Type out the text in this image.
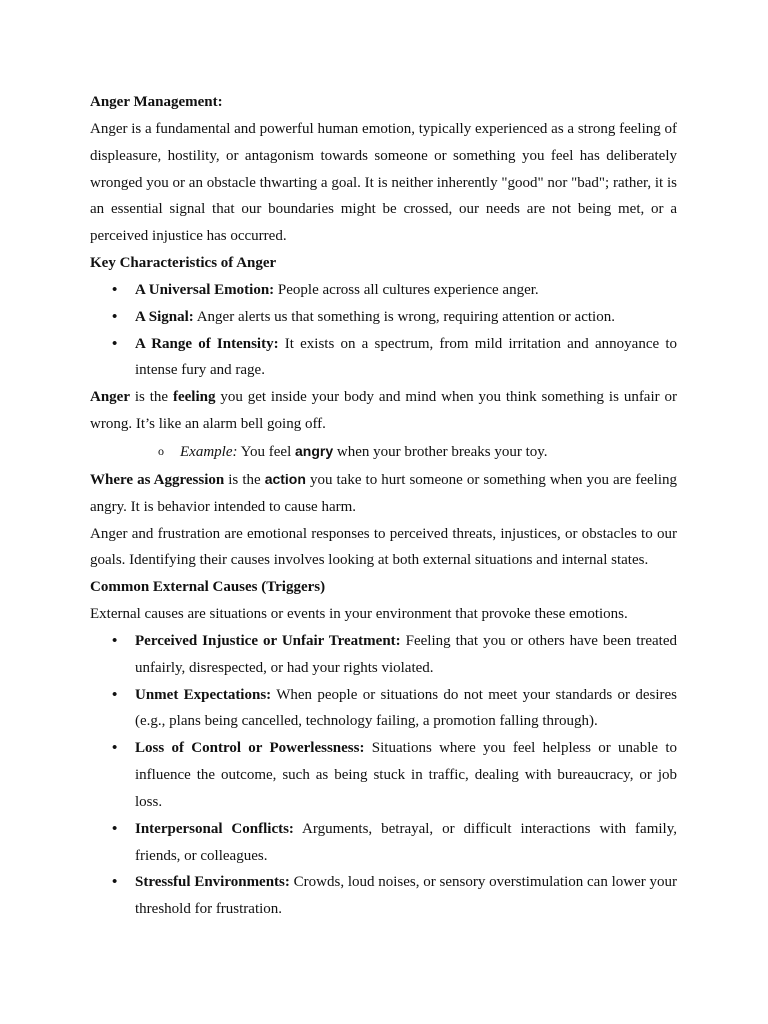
Anger Management:

Anger is a fundamental and powerful human emotion, typically experienced as a strong feeling of displeasure, hostility, or antagonism towards someone or something you feel has deliberately wronged you or an obstacle thwarting a goal. It is neither inherently "good" nor "bad"; rather, it is an essential signal that our boundaries might be crossed, our needs are not being met, or a perceived injustice has occurred.

Key Characteristics of Anger

• A Universal Emotion: People across all cultures experience anger.
• A Signal: Anger alerts us that something is wrong, requiring attention or action.
• A Range of Intensity: It exists on a spectrum, from mild irritation and annoyance to intense fury and rage.

Anger is the feeling you get inside your body and mind when you think something is unfair or wrong. It’s like an alarm bell going off.

o Example: You feel angry when your brother breaks your toy.

Where as Aggression is the action you take to hurt someone or something when you are feeling angry. It is behavior intended to cause harm.

Anger and frustration are emotional responses to perceived threats, injustices, or obstacles to our goals. Identifying their causes involves looking at both external situations and internal states.

Common External Causes (Triggers)

External causes are situations or events in your environment that provoke these emotions.

• Perceived Injustice or Unfair Treatment: Feeling that you or others have been treated unfairly, disrespected, or had your rights violated.
• Unmet Expectations: When people or situations do not meet your standards or desires (e.g., plans being cancelled, technology failing, a promotion falling through).
• Loss of Control or Powerlessness: Situations where you feel helpless or unable to influence the outcome, such as being stuck in traffic, dealing with bureaucracy, or job loss.
• Interpersonal Conflicts: Arguments, betrayal, or difficult interactions with family, friends, or colleagues.
• Stressful Environments: Crowds, loud noises, or sensory overstimulation can lower your threshold for frustration.
